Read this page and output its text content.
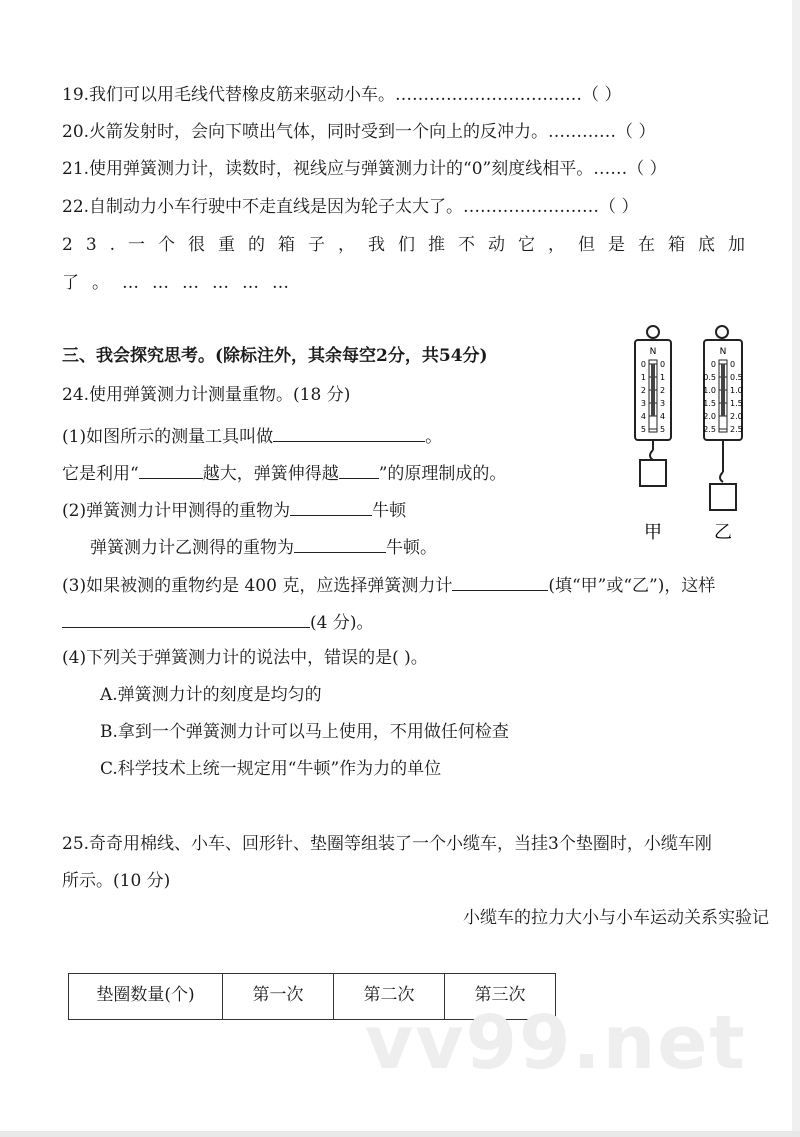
19.我们可以用毛线代替橡皮筋来驱动小车。……………………………（ ）
20.火箭发射时，会向下喷出气体，同时受到一个向上的反冲力。…………（ ）
21.使用弹簧测力计，读数时，视线应与弹簧测力计的“0”刻度线相平。……（ ）
22.自制动力小车行驶中不走直线是因为轮子太大了。……………………（ ）
23.一个很重的箱子，我们推不动它，但是在箱底加
了。………………
三、我会探究思考。(除标注外，其余每空2分，共54分)
24.使用弹簧测力计测量重物。(18 分)
(1)如图所示的测量工具叫做	。
它是利用“	越大，弹簧伸得越 ”的原理制成的。
(2)弹簧测力计甲测得的重物为	牛顿
弹簧测力计乙测得的重物为	牛顿。
(3)如果被测的重物约是 400 克，应选择弹簧测力计	(填“甲”或“乙”)，这样
(4 分)。
(4)下列关于弹簧测力计的说法中，错误的是( )。
A.弹簧测力计的刻度是均匀的
B.拿到一个弹簧测力计可以马上使用，不用做任何检查
C.科学技术上统一规定用“牛顿”作为力的单位
25.奇奇用棉线、小车、回形针、垫圈等组装了一个小缆车，当挂3个垫圈时，小缆车刚
所示。(10 分)
小缆车的拉力大小与小车运动关系实验记
垫圈数量(个)	第一次	第二次	第三次
vv99.net
N
0 0
1 1
2 2
3 3
4 4
5 5
甲
N
0 0
0.5 0.5
1.0 1.0
1.5 1.5
2.0 2.0
2.5 2.5
乙
